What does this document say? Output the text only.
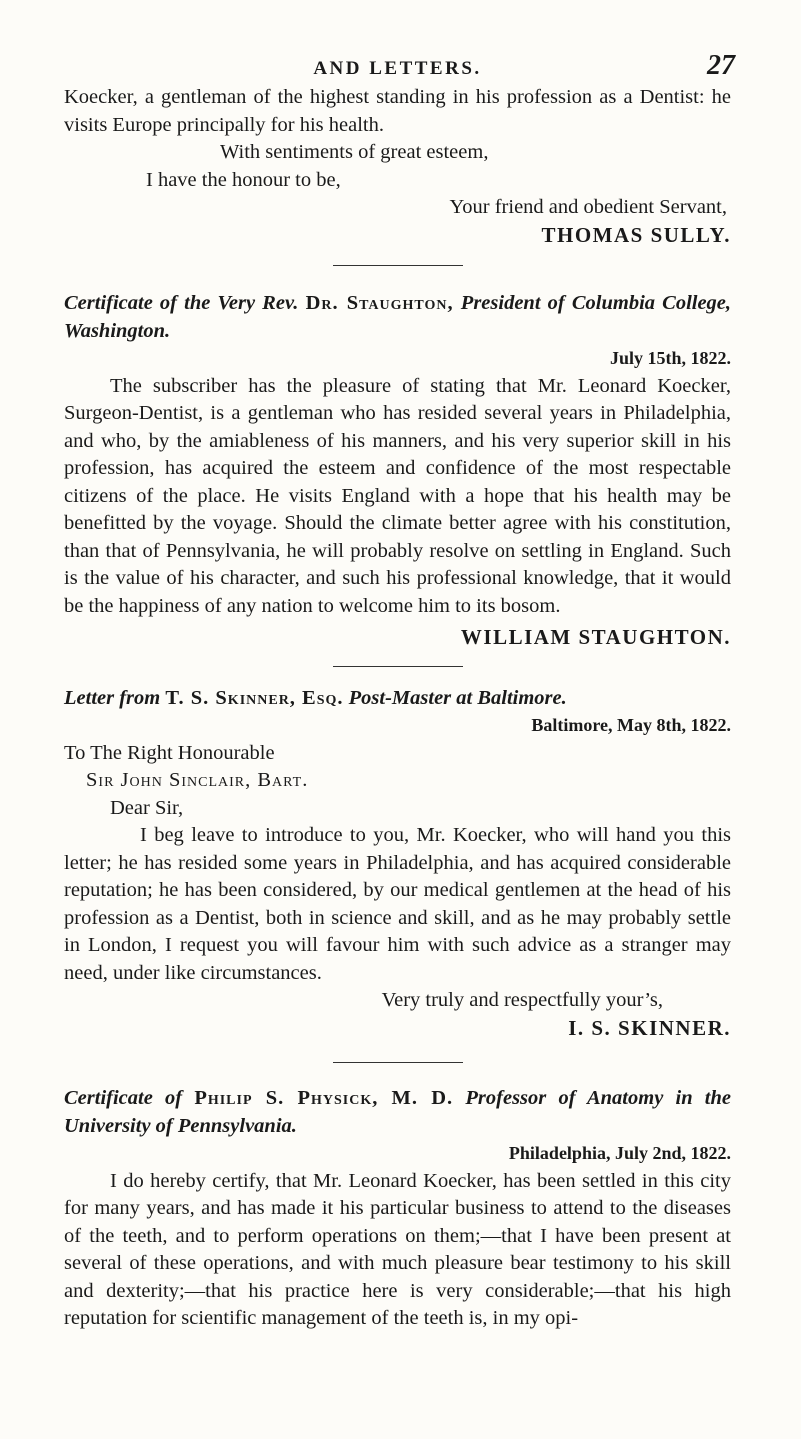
AND LETTERS.	27

Koecker, a gentleman of the highest standing in his profession as a Dentist: he visits Europe principally for his health.

With sentiments of great esteem,

I have the honour to be,

Your friend and obedient Servant,

THOMAS SULLY.

Certificate of the Very Rev. Dr. Staughton, President of Columbia College, Washington.

July 15th, 1822.

The subscriber has the pleasure of stating that Mr. Leonard Koecker, Surgeon-Dentist, is a gentleman who has resided several years in Philadelphia, and who, by the amiableness of his manners, and his very superior skill in his profession, has acquired the esteem and confidence of the most respectable citizens of the place. He visits England with a hope that his health may be benefitted by the voyage. Should the climate better agree with his constitution, than that of Pennsylvania, he will probably resolve on settling in England. Such is the value of his character, and such his professional knowledge, that it would be the happiness of any nation to welcome him to its bosom.

WILLIAM STAUGHTON.

Letter from T. S. Skinner, Esq. Post-Master at Baltimore.

Baltimore, May 8th, 1822.

To The Right Honourable

Sir John Sinclair, Bart.

Dear Sir,

I beg leave to introduce to you, Mr. Koecker, who will hand you this letter; he has resided some years in Philadelphia, and has acquired considerable reputation; he has been considered, by our medical gentlemen at the head of his profession as a Dentist, both in science and skill, and as he may probably settle in London, I request you will favour him with such advice as a stranger may need, under like circumstances.

Very truly and respectfully your’s,

I. S. SKINNER.

Certificate of Philip S. Physick, M. D. Professor of Anatomy in the University of Pennsylvania.

Philadelphia, July 2nd, 1822.

I do hereby certify, that Mr. Leonard Koecker, has been settled in this city for many years, and has made it his particular business to attend to the diseases of the teeth, and to perform operations on them;—that I have been present at several of these operations, and with much pleasure bear testimony to his skill and dexterity;—that his practice here is very considerable;—that his high reputation for scientific management of the teeth is, in my opi-
